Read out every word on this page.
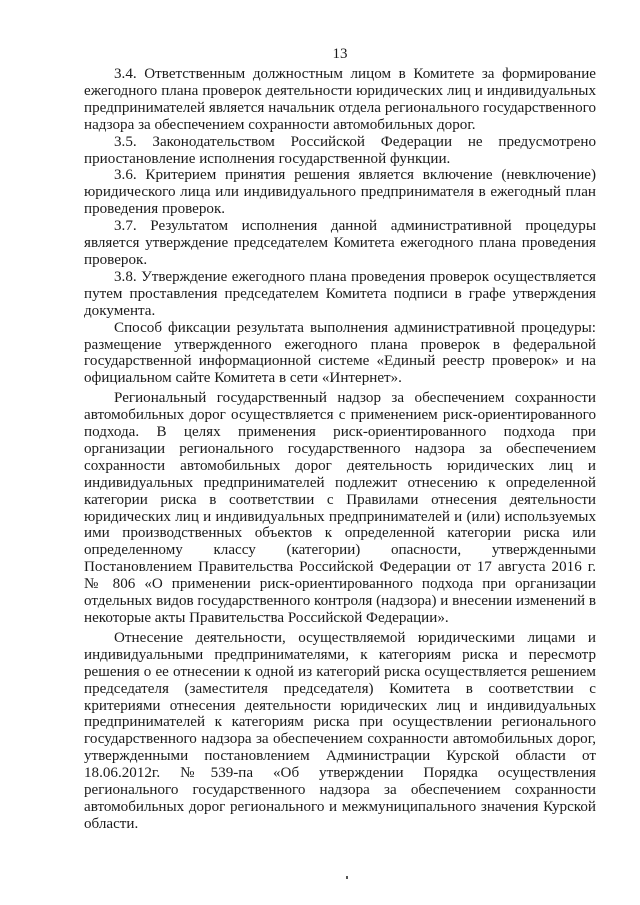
13

3.4. Ответственным должностным лицом в Комитете за формирование ежегодного плана проверок деятельности юридических лиц и индивидуальных предпринимателей является начальник отдела регионального государственного надзора за обеспечением сохранности автомобильных дорог.

3.5. Законодательством Российской Федерации не предусмотрено приостановление исполнения государственной функции.

3.6. Критерием принятия решения является включение (невключение) юридического лица или индивидуального предпринимателя в ежегодный план проведения проверок.

3.7. Результатом исполнения данной административной процедуры является утверждение председателем Комитета ежегодного плана проведения проверок.

3.8. Утверждение ежегодного плана проведения проверок осуществляется путем проставления председателем Комитета подписи в графе утверждения документа.

Способ фиксации результата выполнения административной процедуры: размещение утвержденного ежегодного плана проверок в федеральной государственной информационной системе «Единый реестр проверок» и на официальном сайте Комитета в сети «Интернет».

Региональный государственный надзор за обеспечением сохранности автомобильных дорог осуществляется с применением риск-ориентированного подхода. В целях применения риск-ориентированного подхода при организации регионального государственного надзора за обеспечением сохранности автомобильных дорог деятельность юридических лиц и индивидуальных предпринимателей подлежит отнесению к определенной категории риска в соответствии с Правилами отнесения деятельности юридических лиц и индивидуальных предпринимателей и (или) используемых ими производственных объектов к определенной категории риска или определенному классу (категории) опасности, утвержденными Постановлением Правительства Российской Федерации от 17 августа 2016 г. № 806 «О применении риск-ориентированного подхода при организации отдельных видов государственного контроля (надзора) и внесении изменений в некоторые акты Правительства Российской Федерации».

Отнесение деятельности, осуществляемой юридическими лицами и индивидуальными предпринимателями, к категориям риска и пересмотр решения о ее отнесении к одной из категорий риска осуществляется решением председателя (заместителя председателя) Комитета в соответствии с критериями отнесения деятельности юридических лиц и индивидуальных предпринимателей к категориям риска при осуществлении регионального государственного надзора за обеспечением сохранности автомобильных дорог, утвержденными постановлением Администрации Курской области от 18.06.2012г. №539-па «Об утверждении Порядка осуществления регионального государственного надзора за обеспечением сохранности автомобильных дорог регионального и межмуниципального значения Курской области.
